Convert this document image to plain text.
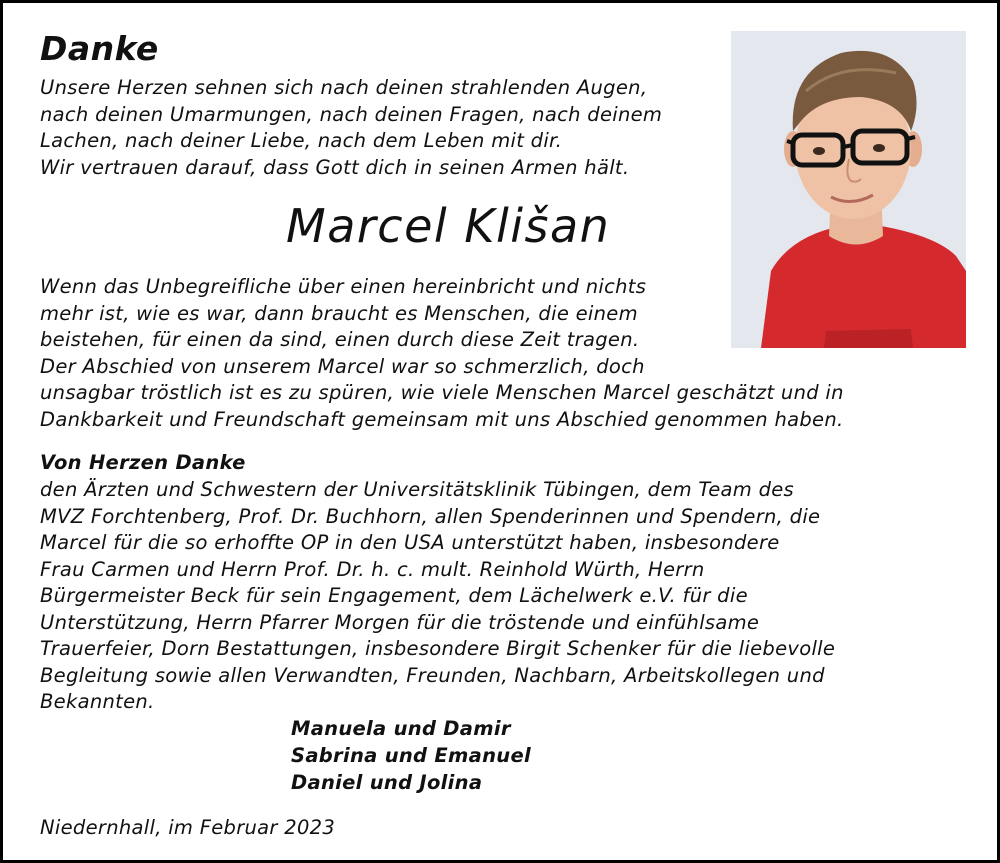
Danke
Unsere Herzen sehnen sich nach deinen strahlenden Augen,
nach deinen Umarmungen, nach deinen Fragen, nach deinem
Lachen, nach deiner Liebe, nach dem Leben mit dir.
Wir vertrauen darauf, dass Gott dich in seinen Armen hält.
Marcel Klišan
Wenn das Unbegreifliche über einen hereinbricht und nichts
mehr ist, wie es war, dann braucht es Menschen, die einem
beistehen, für einen da sind, einen durch diese Zeit tragen.
Der Abschied von unserem Marcel war so schmerzlich, doch
unsagbar tröstlich ist es zu spüren, wie viele Menschen Marcel geschätzt und in
Dankbarkeit und Freundschaft gemeinsam mit uns Abschied genommen haben.
Von Herzen Danke
den Ärzten und Schwestern der Universitätsklinik Tübingen, dem Team des
MVZ Forchtenberg, Prof. Dr. Buchhorn, allen Spenderinnen und Spendern, die
Marcel für die so erhoffte OP in den USA unterstützt haben, insbesondere
Frau Carmen und Herrn Prof. Dr. h. c. mult. Reinhold Würth, Herrn
Bürgermeister Beck für sein Engagement, dem Lächelwerk e.V. für die
Unterstützung, Herrn Pfarrer Morgen für die tröstende und einfühlsame
Trauerfeier, Dorn Bestattungen, insbesondere Birgit Schenker für die liebevolle
Begleitung sowie allen Verwandten, Freunden, Nachbarn, Arbeitskollegen und
Bekannten.
Manuela und Damir
Sabrina und Emanuel
Daniel und Jolina
Niedernhall, im Februar 2023
